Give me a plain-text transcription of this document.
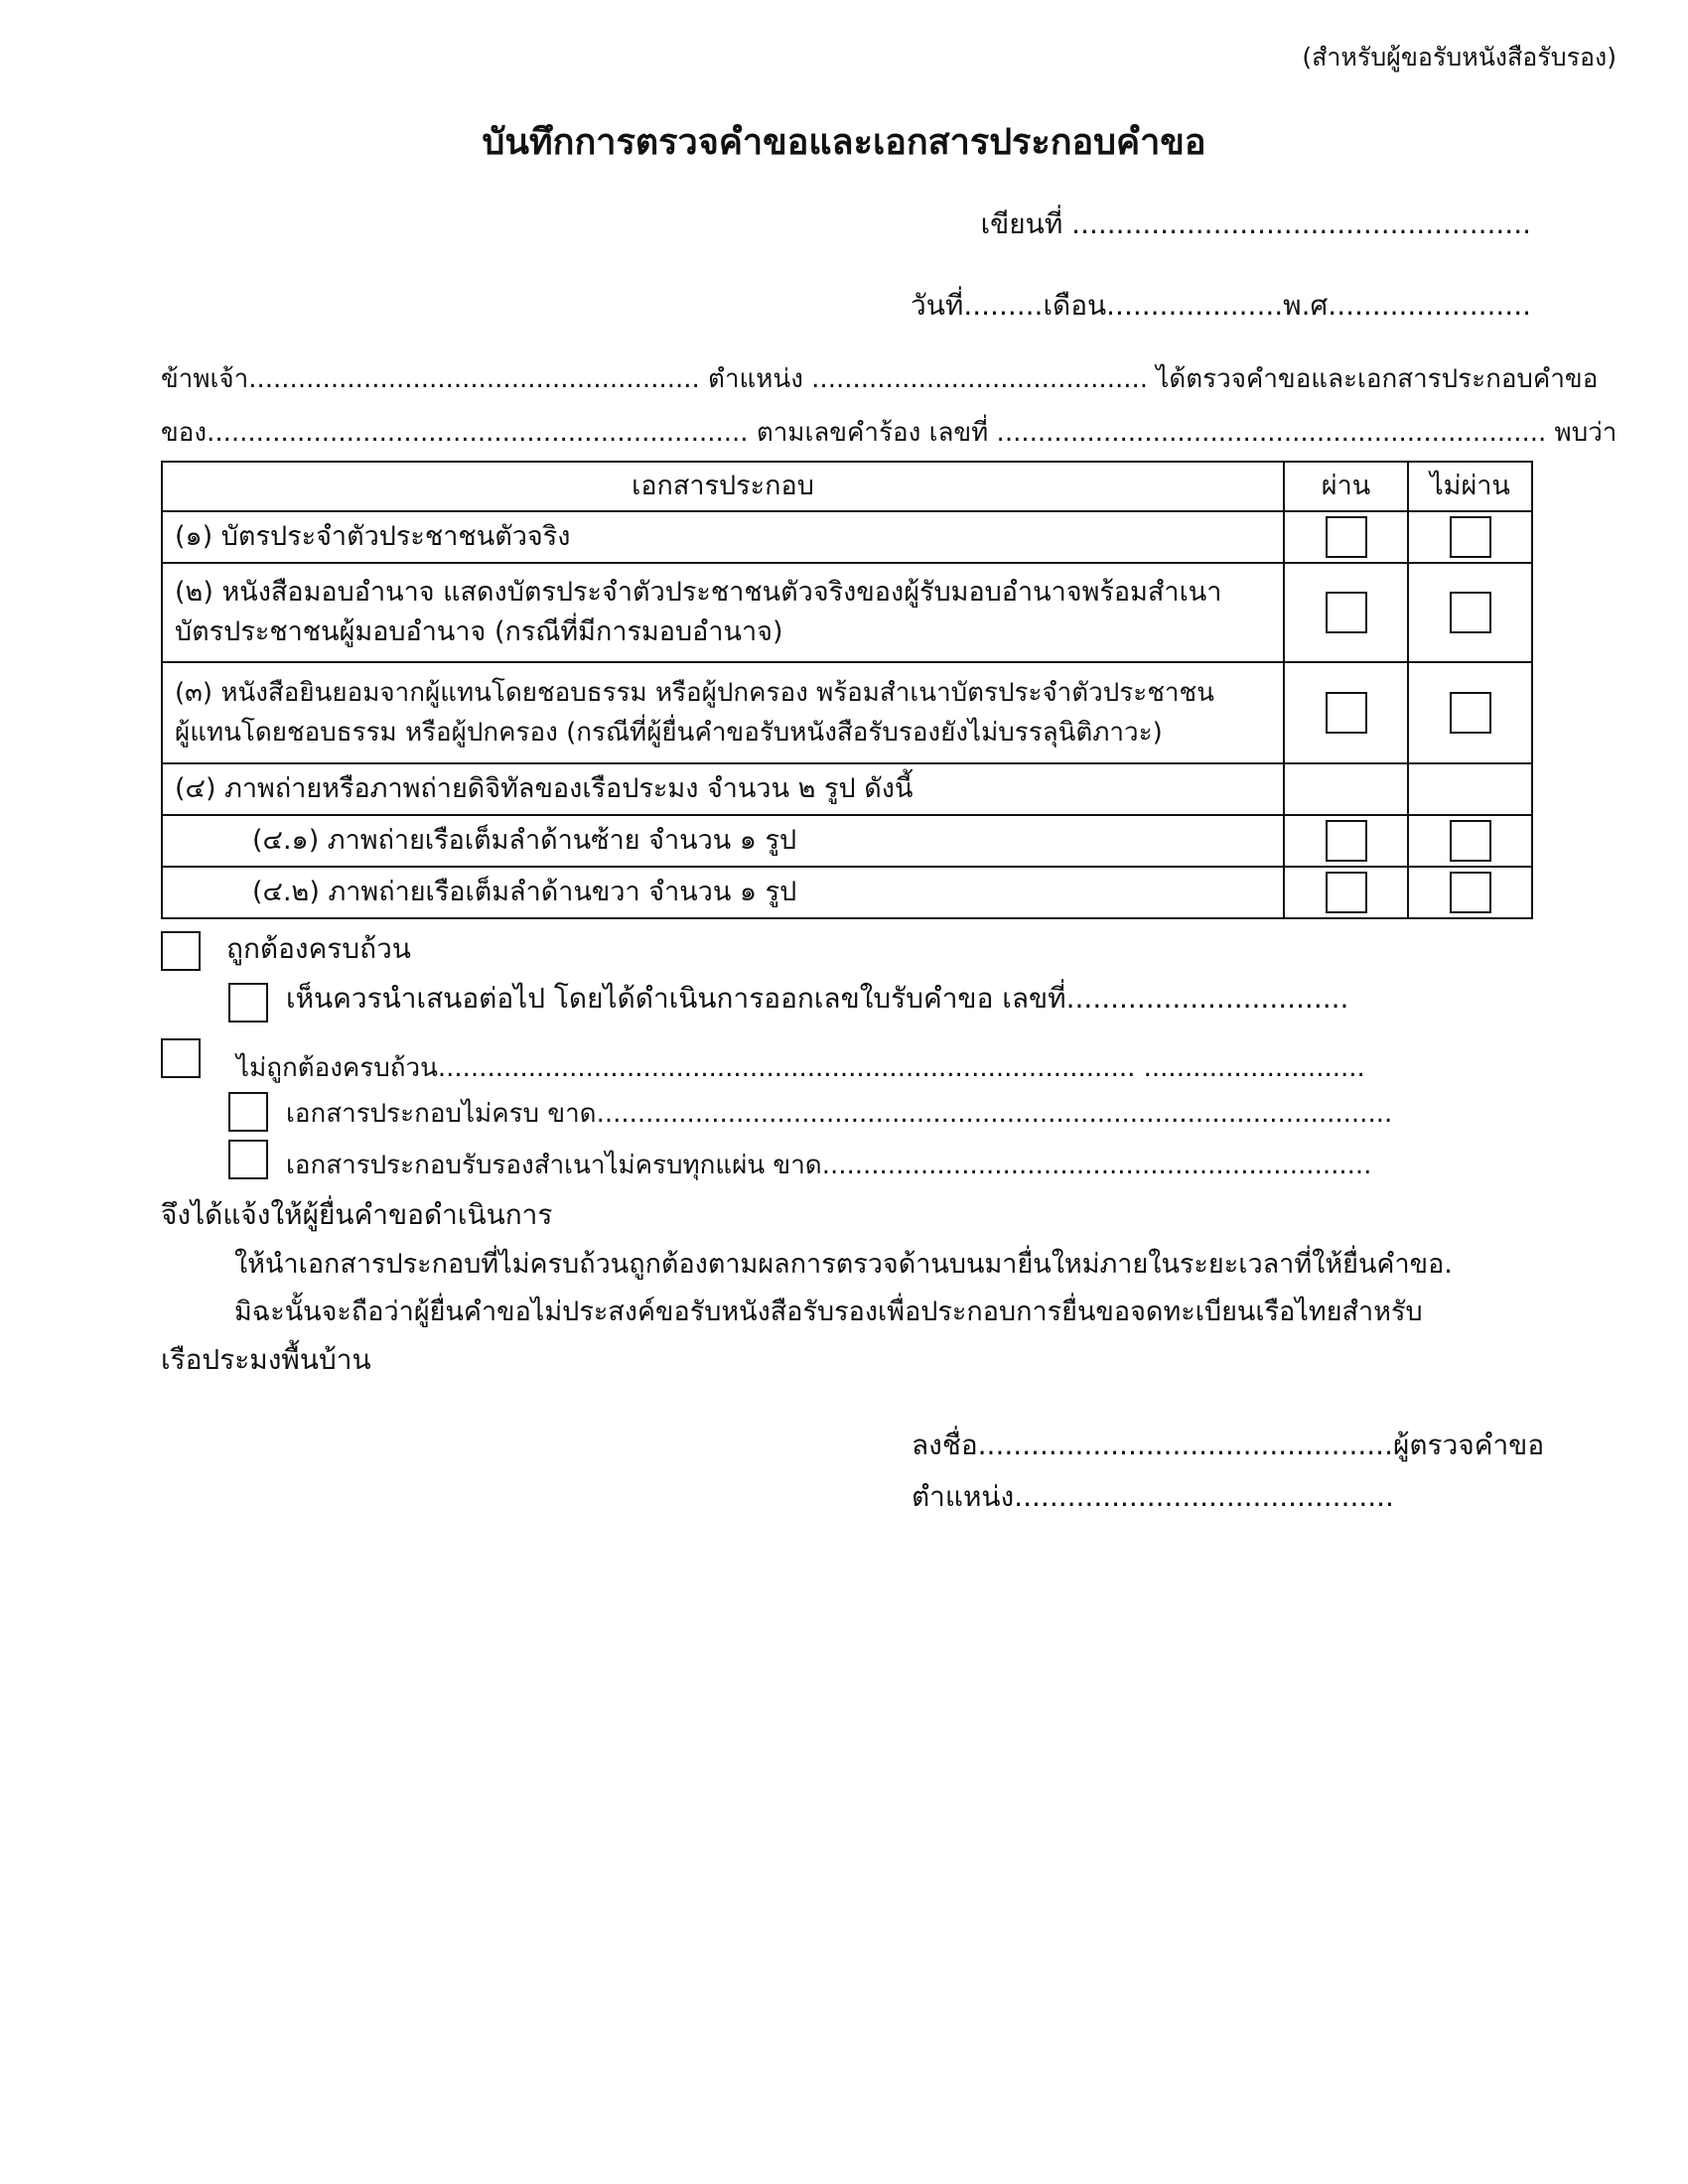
(สำหรับผู้ขอรับหนังสือรับรอง)
บันทึกการตรวจคำขอและเอกสารประกอบคำขอ
เขียนที่ ....................................................
วันที่.........เดือน....................พ.ศ.......................
ข้าพเจ้า....................................................... ตำแหน่ง ......................................... ได้ตรวจคำขอและเอกสารประกอบคำขอ
ของ.................................................................. ตามเลขคำร้อง เลขที่ ................................................................... พบว่า
เอกสารประกอบ	ผ่าน	ไม่ผ่าน
(๑) บัตรประจำตัวประชาชนตัวจริง		

(๒) หนังสือมอบอำนาจ แสดงบัตรประจำตัวประชาชนตัวจริงของผู้รับมอบอำนาจพร้อมสำเนา
บัตรประชาชนผู้มอบอำนาจ (กรณีที่มีการมอบอำนาจ)		

(๓) หนังสือยินยอมจากผู้แทนโดยชอบธรรม หรือผู้ปกครอง พร้อมสำเนาบัตรประจำตัวประชาชน
ผู้แทนโดยชอบธรรม หรือผู้ปกครอง (กรณีที่ผู้ยื่นคำขอรับหนังสือรับรองยังไม่บรรลุนิติภาวะ)		

(๔) ภาพถ่ายหรือภาพถ่ายดิจิทัลของเรือประมง จำนวน ๒ รูป ดังนี้		
(๔.๑) ภาพถ่ายเรือเต็มลำด้านซ้าย จำนวน ๑ รูป		
(๔.๒) ภาพถ่ายเรือเต็มลำด้านขวา จำนวน ๑ รูป		
ถูกต้องครบถ้วน
เห็นควรนำเสนอต่อไป โดยได้ดำเนินการออกเลขใบรับคำขอ เลขที่................................
ไม่ถูกต้องครบถ้วน..................................................................................... ...........................
เอกสารประกอบไม่ครบ ขาด.................................................................................................
เอกสารประกอบรับรองสำเนาไม่ครบทุกแผ่น ขาด...................................................................
จึงได้แจ้งให้ผู้ยื่นคำขอดำเนินการ
ให้นำเอกสารประกอบที่ไม่ครบถ้วนถูกต้องตามผลการตรวจด้านบนมายื่นใหม่ภายในระยะเวลาที่ให้ยื่นคำขอ.
มิฉะนั้นจะถือว่าผู้ยื่นคำขอไม่ประสงค์ขอรับหนังสือรับรองเพื่อประกอบการยื่นขอจดทะเบียนเรือไทยสำหรับ
เรือประมงพื้นบ้าน
ลงชื่อ...............................................ผู้ตรวจคำขอ
ตำแหน่ง...........................................
